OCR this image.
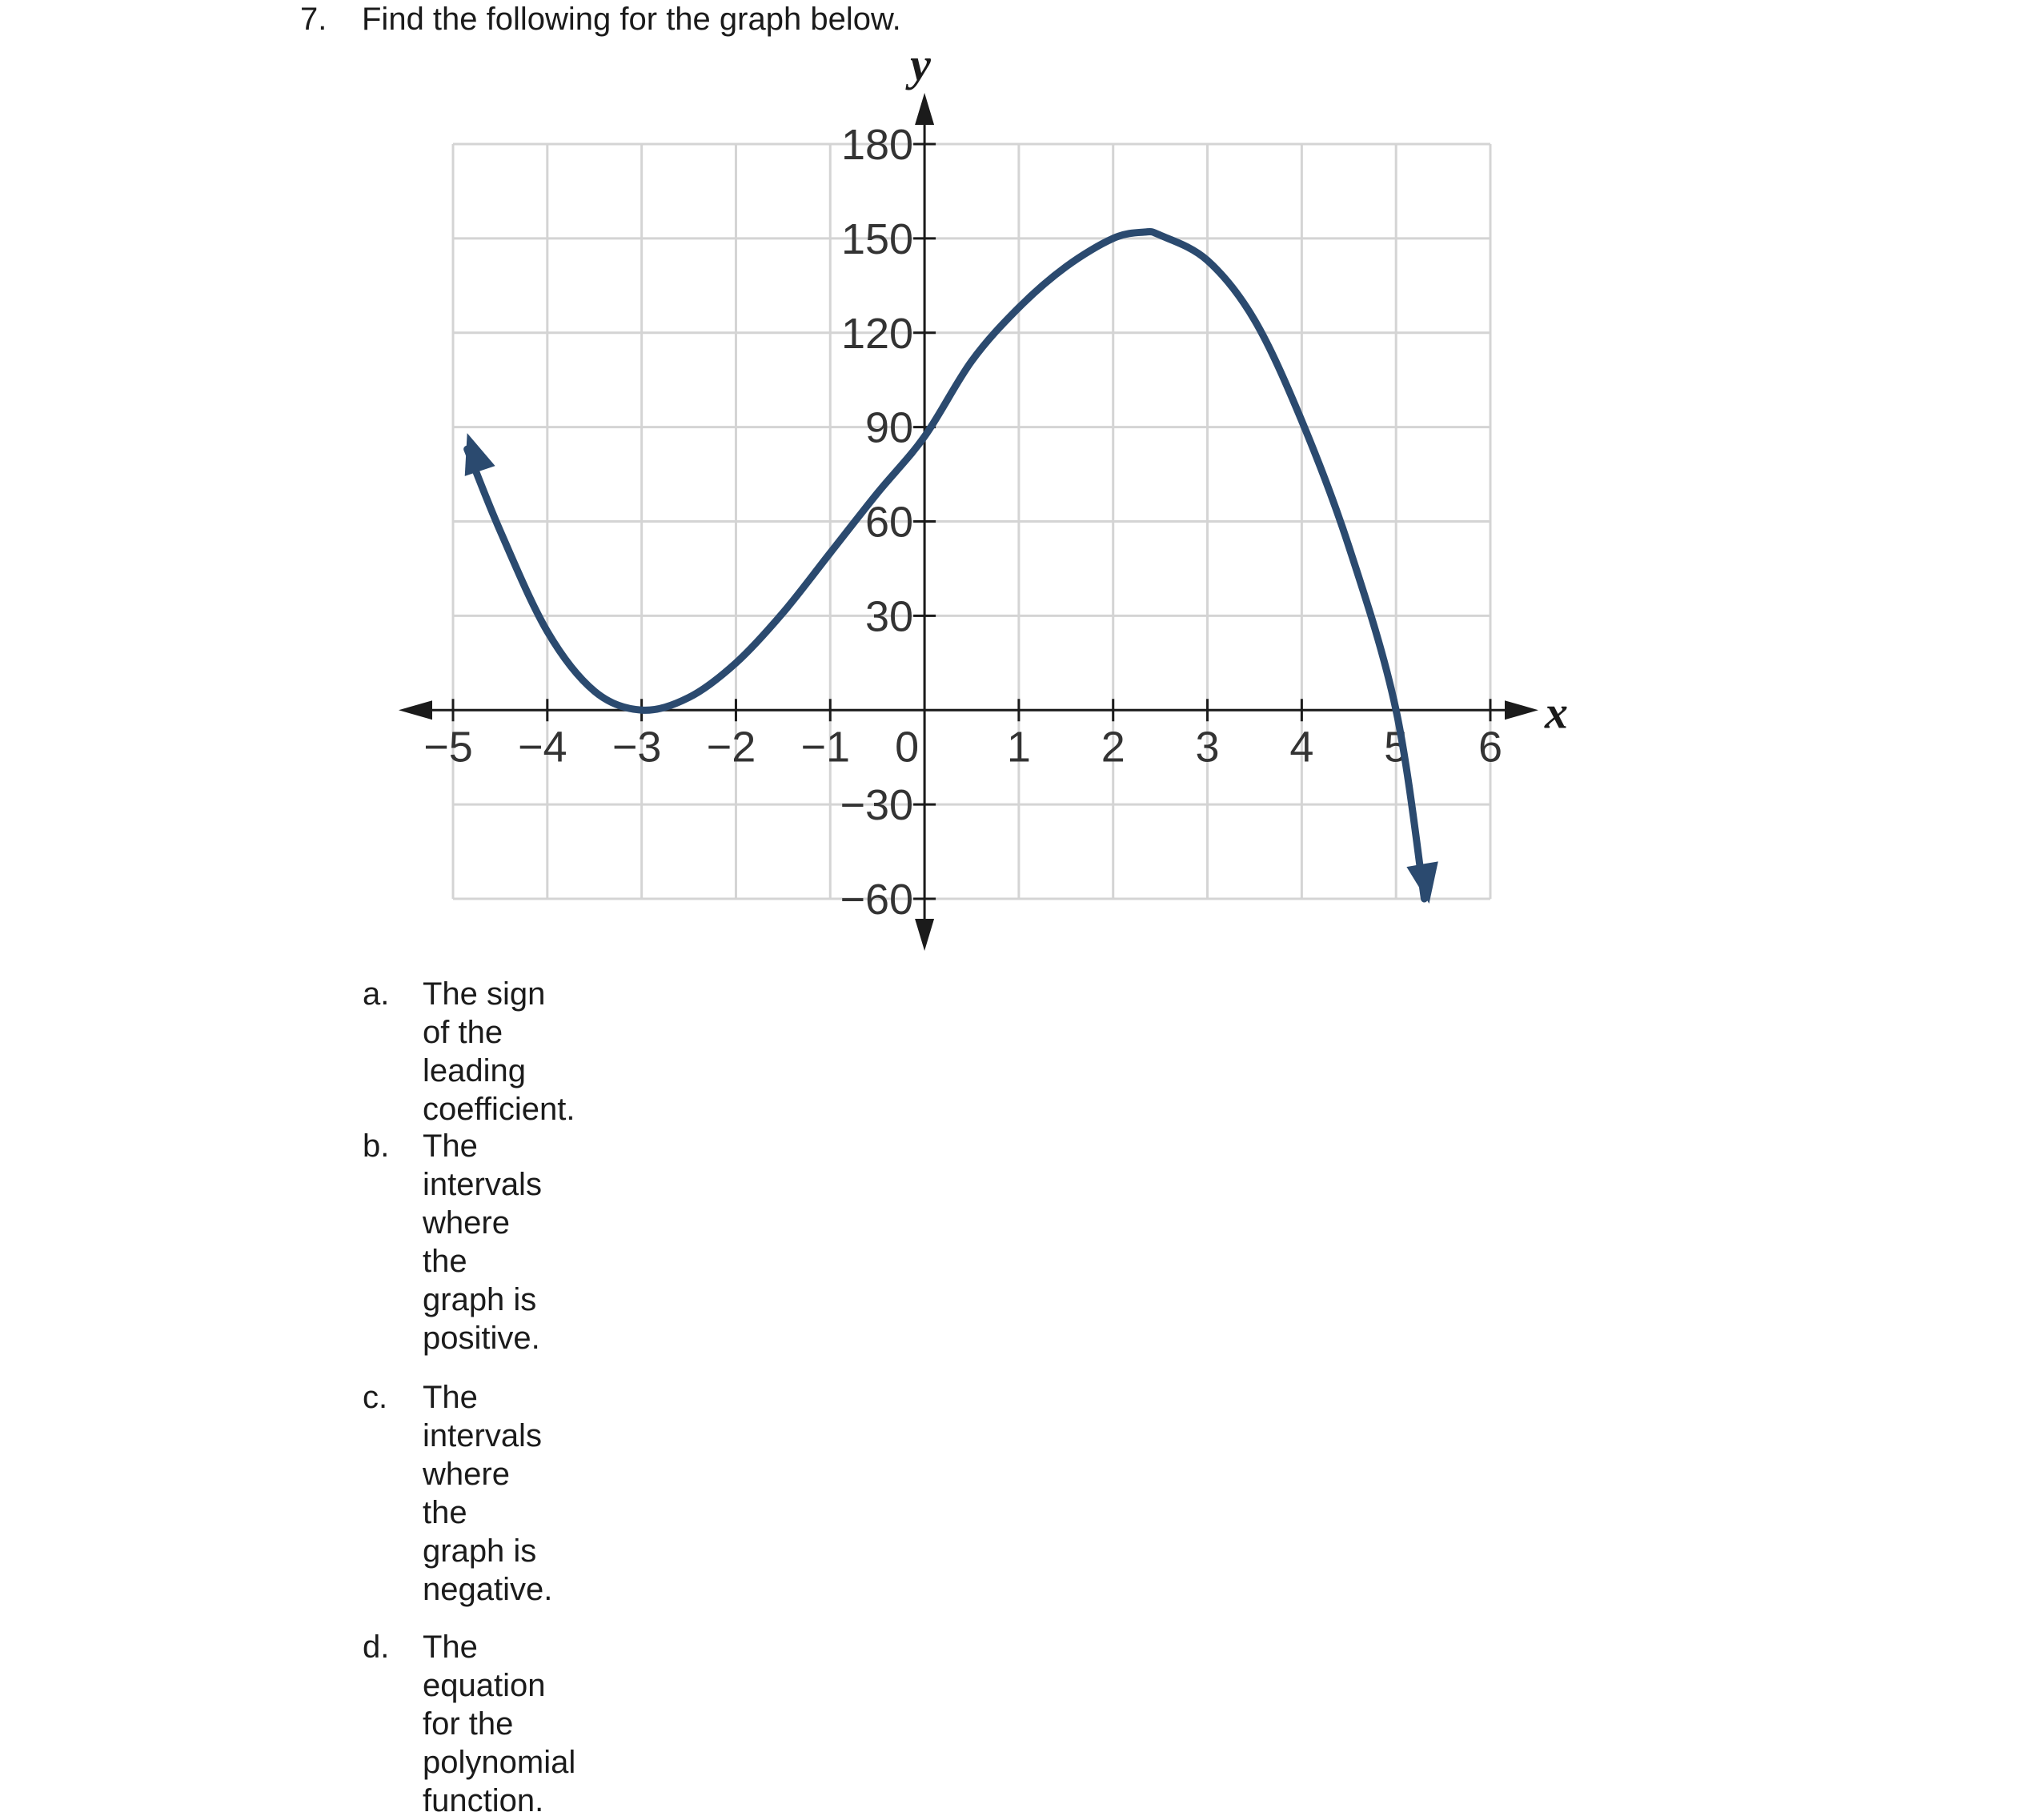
7. Find the following for the graph below.
x
y
−5 −4 −3 −2 −1 0 1 2 3 4 5 6
180
150
120
90
60
30
−30
−60
a. The sign of the leading coefficient.
b. The intervals where the graph is positive.
c. The intervals where the graph is negative.
d. The equation for the polynomial function.
